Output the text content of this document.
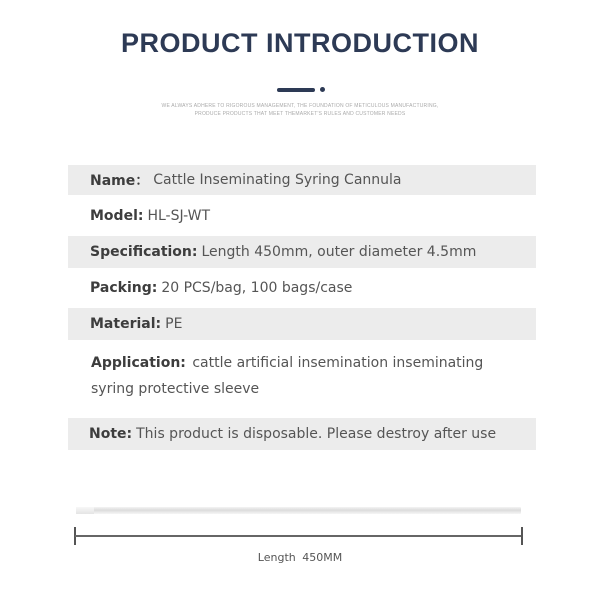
PRODUCT INTRODUCTION
WE ALWAYS ADHERE TO RIGOROUS MANAGEMENT, THE FOUNDATION OF METICULOUS MANUFACTURING,
PRODUCE PRODUCTS THAT MEET THEMARKET'S RULES AND CUSTOMER NEEDS
Name： Cattle Inseminating Syring Cannula
Model: HL-SJ-WT
Specification: Length 450mm, outer diameter 4.5mm
Packing: 20 PCS/bag, 100 bags/case
Material: PE
Application: cattle artificial insemination inseminating syring protective sleeve
Note: This product is disposable. Please destroy after use
Length 450MM
